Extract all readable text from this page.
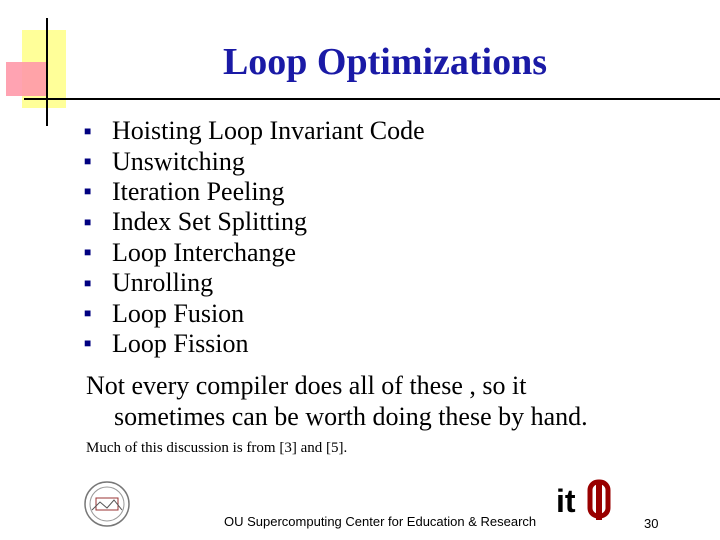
Loop Optimizations
■ Hoisting Loop Invariant Code
■ Unswitching
■ Iteration Peeling
■ Index Set Splitting
■ Loop Interchange
■ Unrolling
■ Loop Fusion
■ Loop Fission
Not every compiler does all of these , so it sometimes can be worth doing these by hand.
Much of this discussion is from [3] and [5].
it
OU Supercomputing Center for Education & Research	30
